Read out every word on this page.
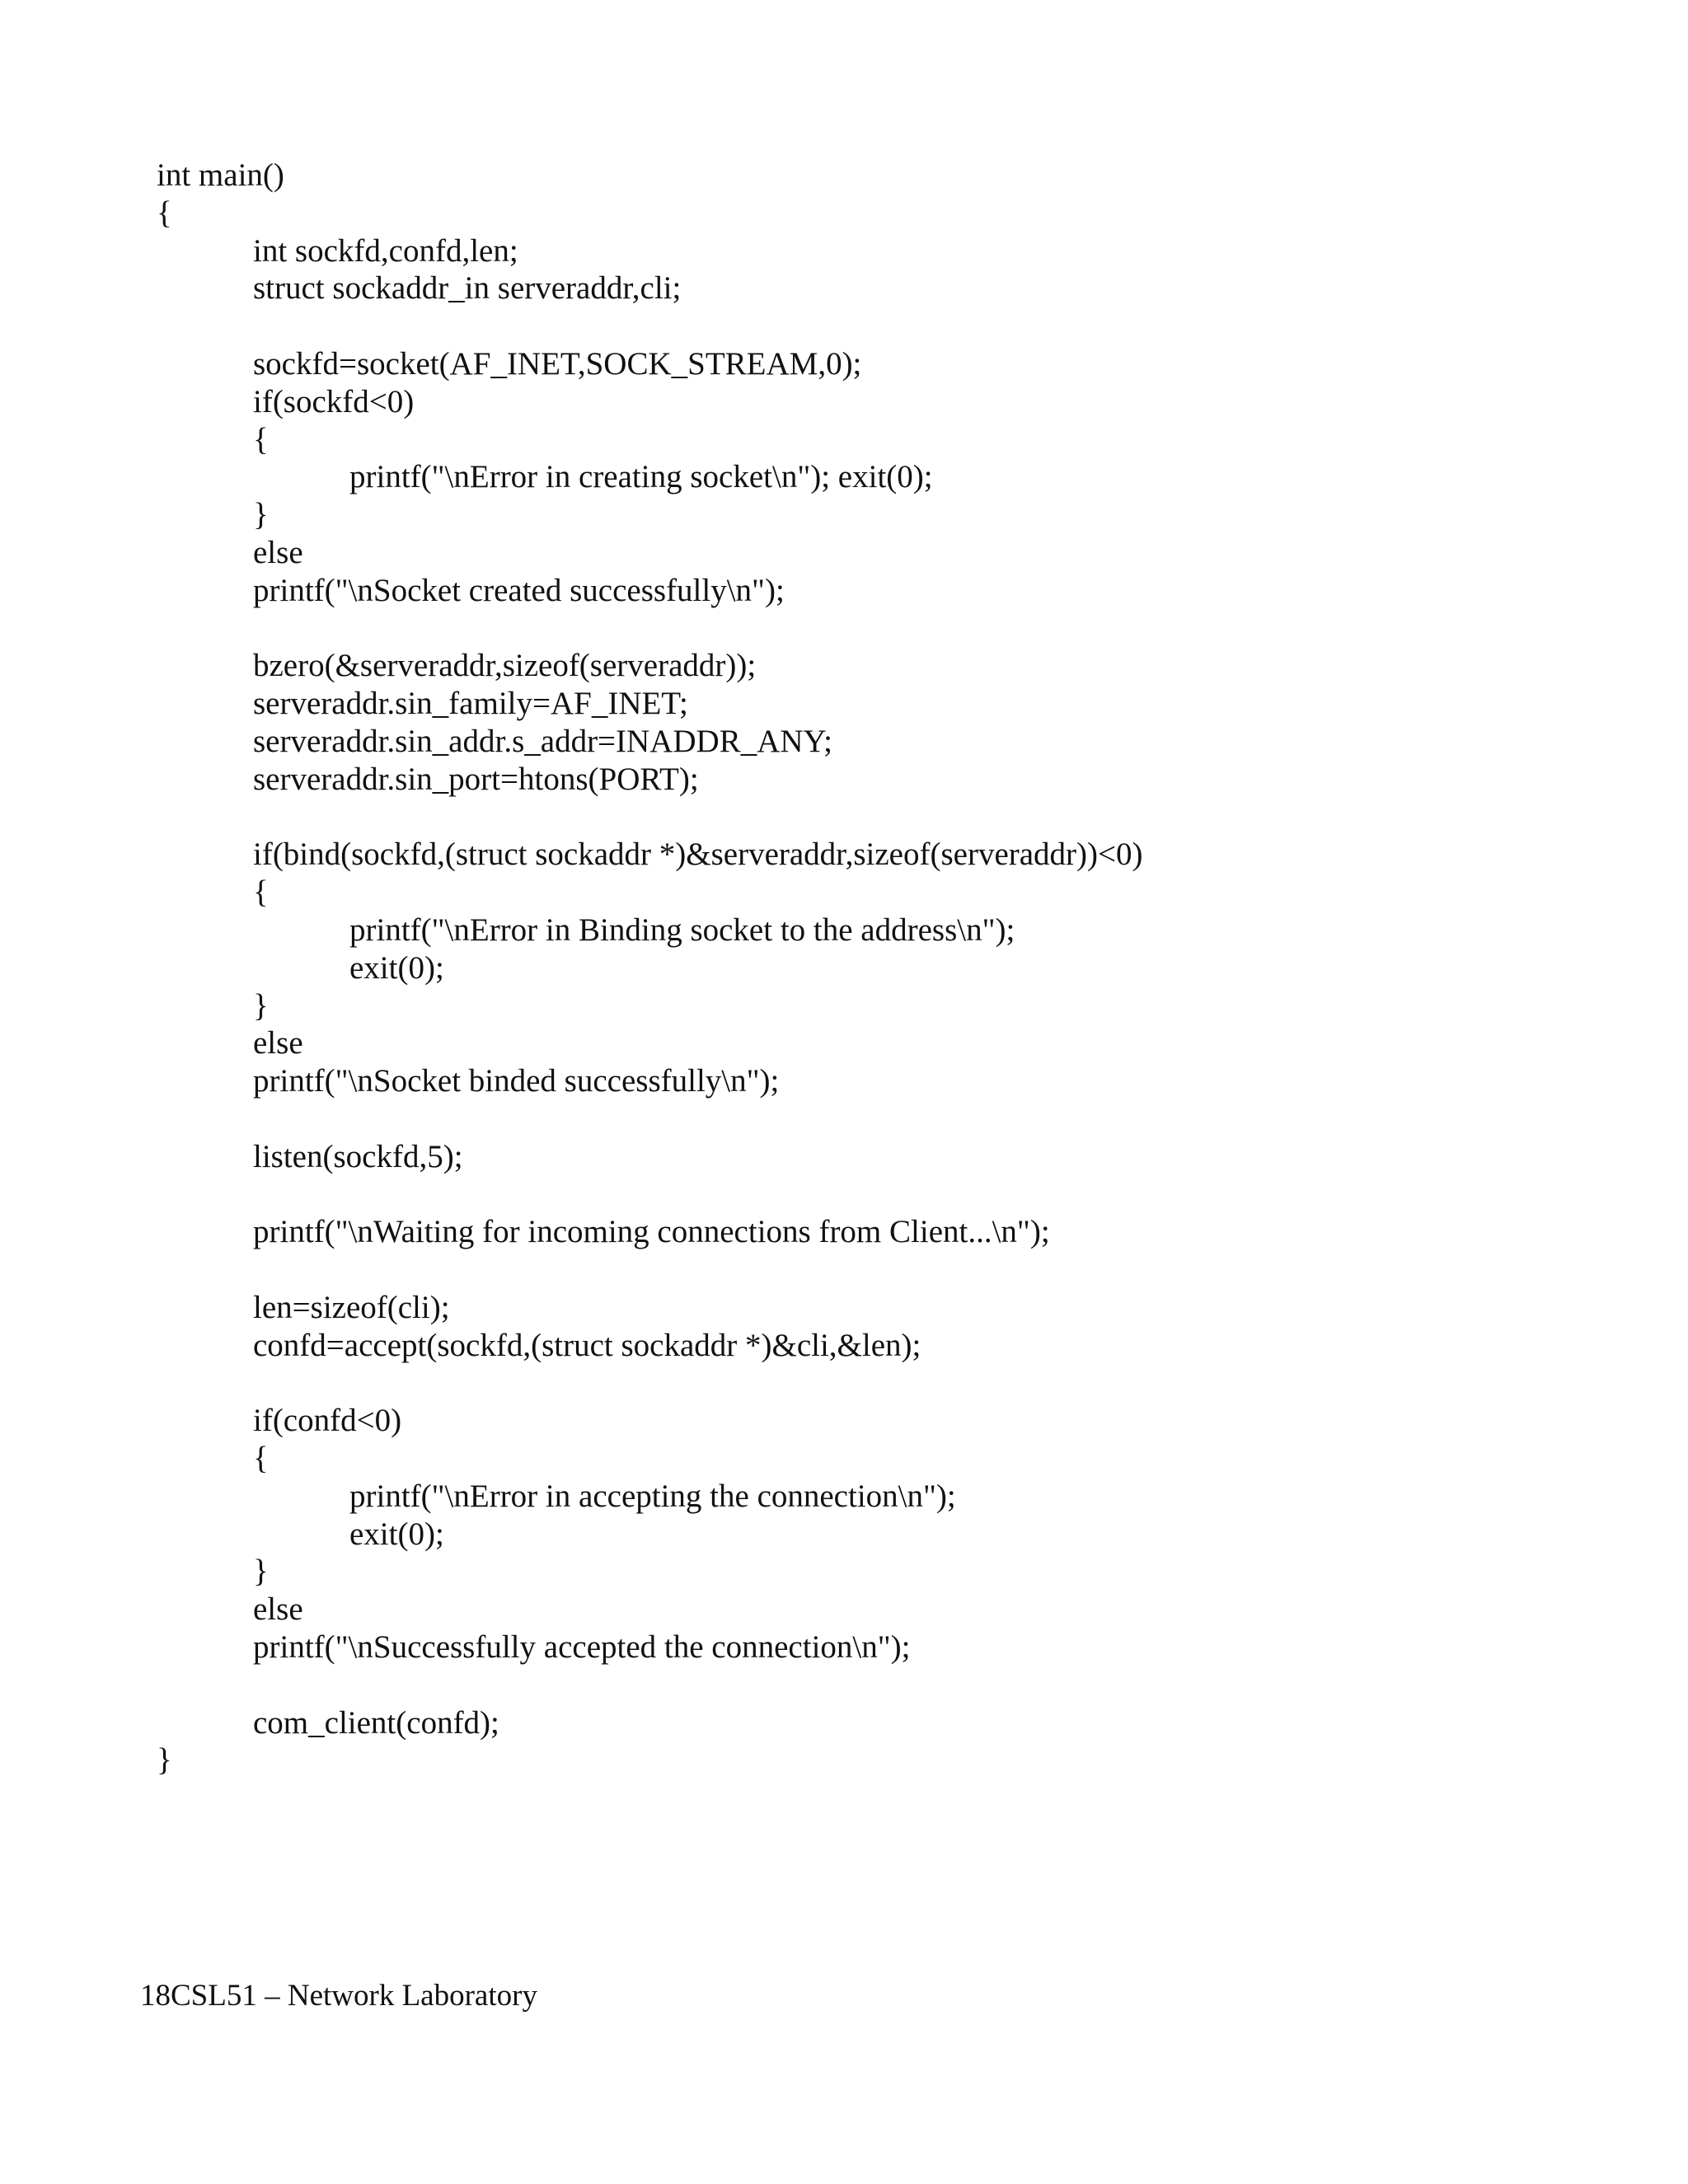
int main()
{
int sockfd,confd,len;
struct sockaddr_in serveraddr,cli;
sockfd=socket(AF_INET,SOCK_STREAM,0);
if(sockfd<0)
{
printf("\nError in creating socket\n"); exit(0);
}
else
printf("\nSocket created successfully\n");
bzero(&serveraddr,sizeof(serveraddr));
serveraddr.sin_family=AF_INET;
serveraddr.sin_addr.s_addr=INADDR_ANY;
serveraddr.sin_port=htons(PORT);
if(bind(sockfd,(struct sockaddr *)&serveraddr,sizeof(serveraddr))<0)
{
printf("\nError in Binding socket to the address\n");
exit(0);
}
else
printf("\nSocket binded successfully\n");
listen(sockfd,5);
printf("\nWaiting for incoming connections from Client...\n");
len=sizeof(cli);
confd=accept(sockfd,(struct sockaddr *)&cli,&len);
if(confd<0)
{
printf("\nError in accepting the connection\n");
exit(0);
}
else
printf("\nSuccessfully accepted the connection\n");
com_client(confd);
}
18CSL51 – Network Laboratory
